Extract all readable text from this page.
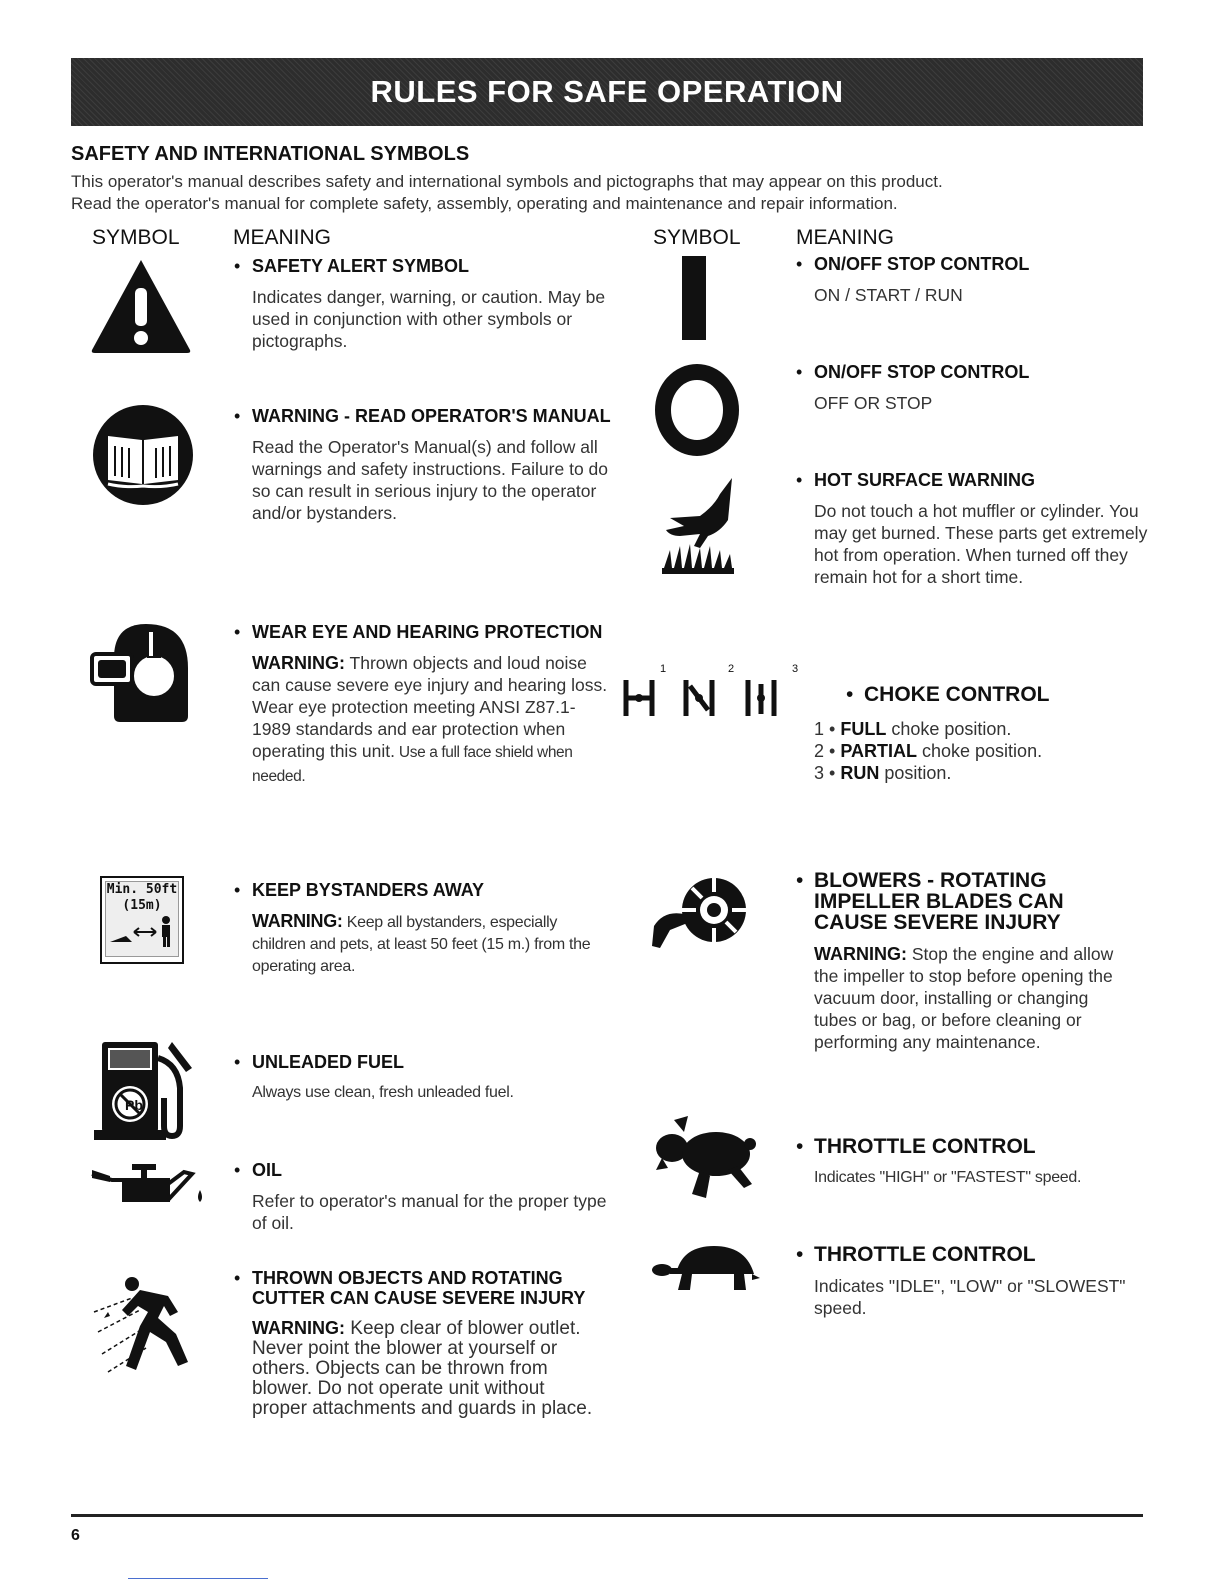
RULES FOR SAFE OPERATION
SAFETY AND INTERNATIONAL SYMBOLS
This operator's manual describes safety and international symbols and pictographs that may appear on this product.
Read the operator's manual for complete safety, assembly, operating and maintenance and repair information.
SYMBOL	MEANING	SYMBOL	MEANING
• SAFETY ALERT SYMBOL
Indicates danger, warning, or caution. May be used in conjunction with other symbols or pictographs.
• WARNING - READ OPERATOR'S MANUAL
Read the Operator's Manual(s) and follow all warnings and safety instructions. Failure to do so can result in serious injury to the operator and/or bystanders.
• WEAR EYE AND HEARING PROTECTION
WARNING: Thrown objects and loud noise can cause severe eye injury and hearing loss. Wear eye protection meeting ANSI Z87.1-1989 standards and ear protection when operating this unit. Use a full face shield when needed.
Min. 50ft
(15m)
• KEEP BYSTANDERS AWAY
WARNING: Keep all bystanders, especially children and pets, at least 50 feet (15 m.) from the operating area.
Pb
• UNLEADED FUEL
Always use clean, fresh unleaded fuel.
• OIL
Refer to operator's manual for the proper type of oil.
• THROWN OBJECTS AND ROTATING CUTTER CAN CAUSE SEVERE INJURY
WARNING: Keep clear of blower outlet. Never point the blower at yourself or others. Objects can be thrown from blower. Do not operate unit without proper attachments and guards in place.
• ON/OFF STOP CONTROL
ON / START / RUN
• ON/OFF STOP CONTROL
OFF OR STOP
• HOT SURFACE WARNING
Do not touch a hot muffler or cylinder. You may get burned. These parts get extremely hot from operation. When turned off they remain hot for a short time.
1	2	3
• CHOKE CONTROL
1 • FULL choke position.
2 • PARTIAL choke position.
3 • RUN position.
• BLOWERS - ROTATING IMPELLER BLADES CAN CAUSE SEVERE INJURY
WARNING: Stop the engine and allow the impeller to stop before opening the vacuum door, installing or changing tubes or bag, or before cleaning or performing any maintenance.
• THROTTLE CONTROL
Indicates "HIGH" or "FASTEST" speed.
• THROTTLE CONTROL
Indicates "IDLE", "LOW" or "SLOWEST" speed.
6
